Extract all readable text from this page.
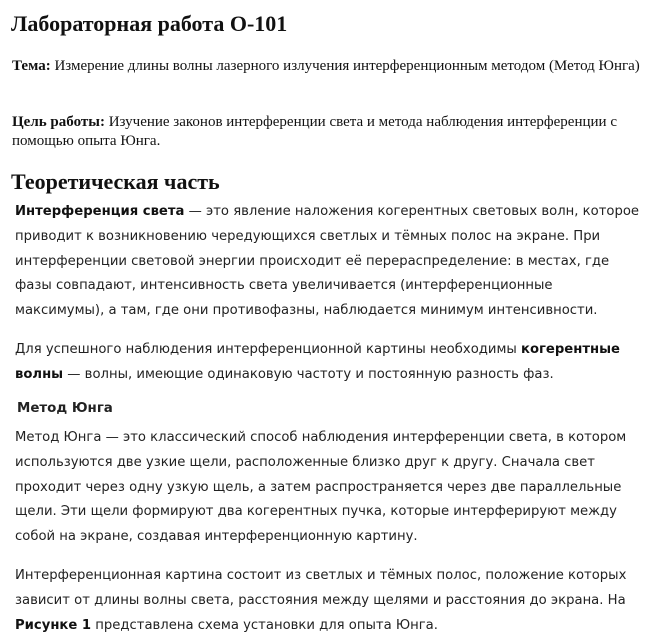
Лабораторная работа О-101

Тема: Измерение длины волны лазерного излучения интерференционным методом (Метод Юнга)

Цель работы: Изучение законов интерференции света и метода наблюдения интерференции с помощью опыта Юнга.

Теоретическая часть

Интерференция света — это явление наложения когерентных световых волн, которое приводит к возникновению чередующихся светлых и тёмных полос на экране. При интерференции световой энергии происходит её перераспределение: в местах, где фазы совпадают, интенсивность света увеличивается (интерференционные максимумы), а там, где они противофазны, наблюдается минимум интенсивности.

Для успешного наблюдения интерференционной картины необходимы когерентные волны — волны, имеющие одинаковую частоту и постоянную разность фаз.

Метод Юнга

Метод Юнга — это классический способ наблюдения интерференции света, в котором используются две узкие щели, расположенные близко друг к другу. Сначала свет проходит через одну узкую щель, а затем распространяется через две параллельные щели. Эти щели формируют два когерентных пучка, которые интерферируют между собой на экране, создавая интерференционную картину.

Интерференционная картина состоит из светлых и тёмных полос, положение которых зависит от длины волны света, расстояния между щелями и расстояния до экрана. На Рисунке 1 представлена схема установки для опыта Юнга.
